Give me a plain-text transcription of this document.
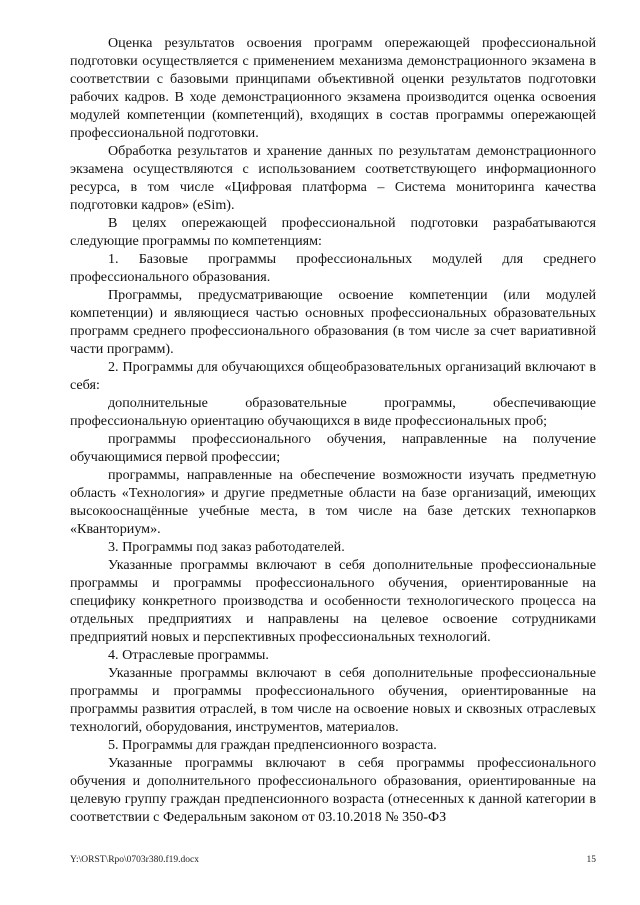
Оценка результатов освоения программ опережающей профессиональной подготовки осуществляется с применением механизма демонстрационного экзамена в соответствии с базовыми принципами объективной оценки результатов подготовки рабочих кадров. В ходе демонстрационного экзамена производится оценка освоения модулей компетенции (компетенций), входящих в состав программы опережающей профессиональной подготовки.

Обработка результатов и хранение данных по результатам демонстрационного экзамена осуществляются с использованием соответствующего информационного ресурса, в том числе «Цифровая платформа – Система мониторинга качества подготовки кадров» (eSim).

В целях опережающей профессиональной подготовки разрабатываются следующие программы по компетенциям:

1. Базовые программы профессиональных модулей для среднего профессионального образования.

Программы, предусматривающие освоение компетенции (или модулей компетенции) и являющиеся частью основных профессиональных образовательных программ среднего профессионального образования (в том числе за счет вариативной части программ).

2. Программы для обучающихся общеобразовательных организаций включают в себя:

дополнительные образовательные программы, обеспечивающие профессиональную ориентацию обучающихся в виде профессиональных проб;

программы профессионального обучения, направленные на получение обучающимися первой профессии;

программы, направленные на обеспечение возможности изучать предметную область «Технология» и другие предметные области на базе организаций, имеющих высокооснащённые учебные места, в том числе на базе детских технопарков «Кванториум».

3. Программы под заказ работодателей.

Указанные программы включают в себя дополнительные профессиональные программы и программы профессионального обучения, ориентированные на специфику конкретного производства и особенности технологического процесса на отдельных предприятиях и направлены на целевое освоение сотрудниками предприятий новых и перспективных профессиональных технологий.

4. Отраслевые программы.

Указанные программы включают в себя дополнительные профессиональные программы и программы профессионального обучения, ориентированные на программы развития отраслей, в том числе на освоение новых и сквозных отраслевых технологий, оборудования, инструментов, материалов.

5. Программы для граждан предпенсионного возраста.

Указанные программы включают в себя программы профессионального обучения и дополнительного профессионального образования, ориентированные на целевую группу граждан предпенсионного возраста (отнесенных к данной категории в соответствии с Федеральным законом от 03.10.2018 № 350-ФЗ

Y:\ORST\Rpo\0703r380.f19.docx	15
